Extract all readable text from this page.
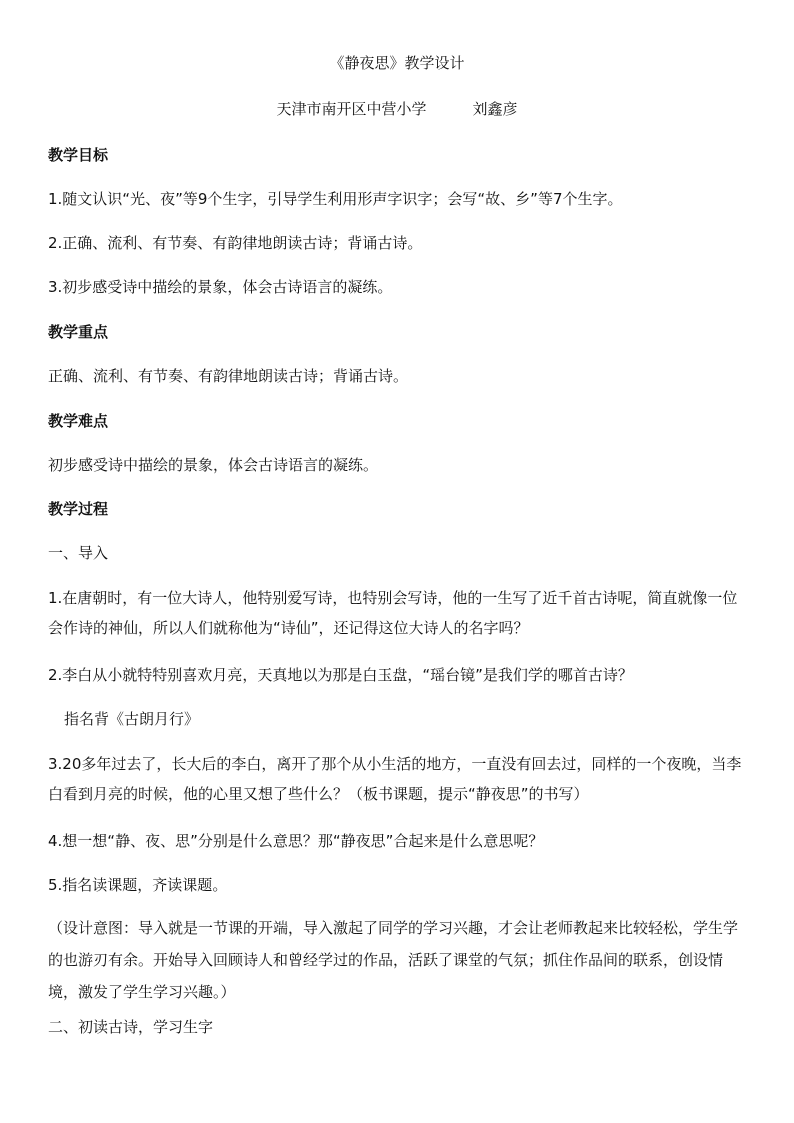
《静夜思》教学设计
天津市南开区中营小学	刘鑫彦
教学目标
1.随文认识“光、夜”等9个生字，引导学生利用形声字识字；会写“故、乡”等7个生字。
2.正确、流利、有节奏、有韵律地朗读古诗；背诵古诗。
3.初步感受诗中描绘的景象，体会古诗语言的凝练。
教学重点
正确、流利、有节奏、有韵律地朗读古诗；背诵古诗。
教学难点
初步感受诗中描绘的景象，体会古诗语言的凝练。
教学过程
一、导入
1.在唐朝时，有一位大诗人，他特别爱写诗，也特别会写诗，他的一生写了近千首古诗呢，简直就像一位会作诗的神仙，所以人们就称他为“诗仙”，还记得这位大诗人的名字吗？
2.李白从小就特特别喜欢月亮，天真地以为那是白玉盘，“瑶台镜”是我们学的哪首古诗？
指名背《古朗月行》
3.20多年过去了，长大后的李白，离开了那个从小生活的地方，一直没有回去过，同样的一个夜晚，当李白看到月亮的时候，他的心里又想了些什么？（板书课题，提示“静夜思”的书写）
4.想一想“静、夜、思”分别是什么意思？那“静夜思”合起来是什么意思呢？
5.指名读课题，齐读课题。
（设计意图：导入就是一节课的开端，导入激起了同学的学习兴趣，才会让老师教起来比较轻松，学生学的也游刃有余。开始导入回顾诗人和曾经学过的作品，活跃了课堂的气氛；抓住作品间的联系，创设情境，激发了学生学习兴趣。）
二、初读古诗，学习生字
